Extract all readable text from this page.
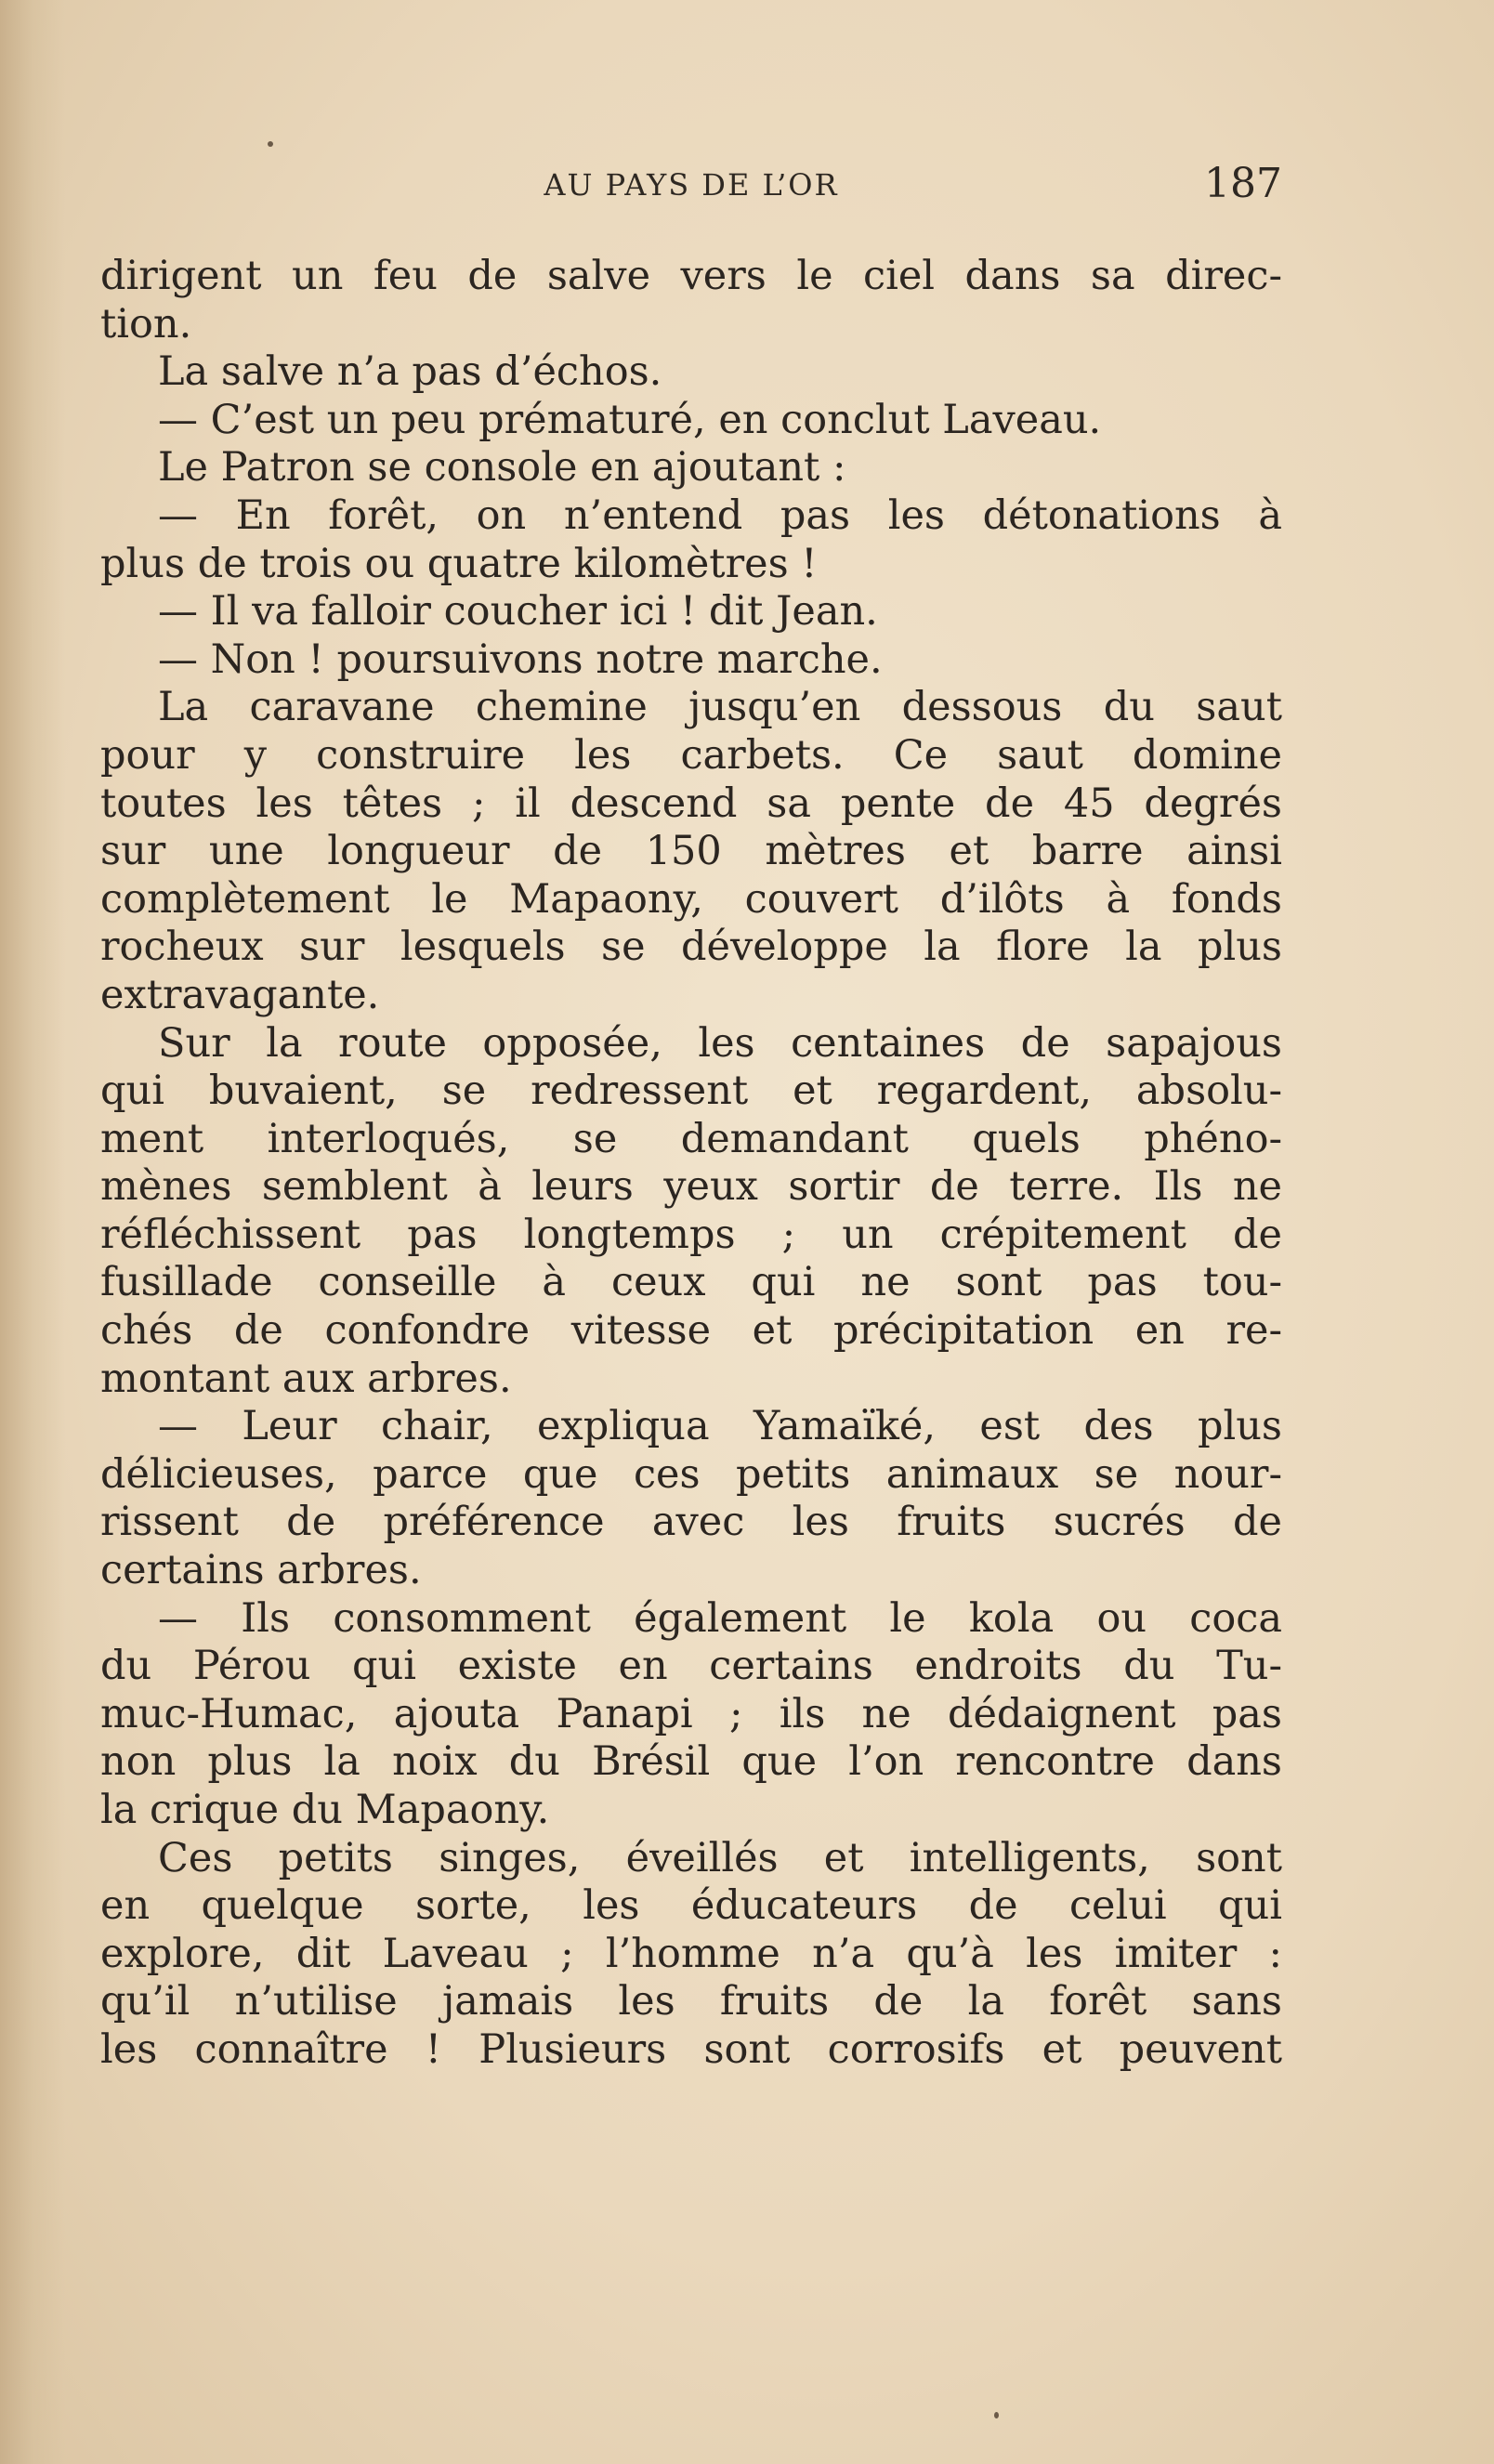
AU PAYS DE L’OR	187
dirigent un feu de salve vers le ciel dans sa direc-
tion.
La salve n’a pas d’échos.
— C’est un peu prématuré, en conclut Laveau.
Le Patron se console en ajoutant :
— En forêt, on n’entend pas les détonations à
plus de trois ou quatre kilomètres !
— Il va falloir coucher ici ! dit Jean.
— Non ! poursuivons notre marche.
La caravane chemine jusqu’en dessous du saut
pour y construire les carbets. Ce saut domine
toutes les têtes ; il descend sa pente de 45 degrés
sur une longueur de 150 mètres et barre ainsi
complètement le Mapaony, couvert d’ilôts à fonds
rocheux sur lesquels se développe la flore la plus
extravagante.
Sur la route opposée, les centaines de sapajous
qui buvaient, se redressent et regardent, absolu-
ment interloqués, se demandant quels phéno-
mènes semblent à leurs yeux sortir de terre. Ils ne
réfléchissent pas longtemps ; un crépitement de
fusillade conseille à ceux qui ne sont pas tou-
chés de confondre vitesse et précipitation en re-
montant aux arbres.
— Leur chair, expliqua Yamaïké, est des plus
délicieuses, parce que ces petits animaux se nour-
rissent de préférence avec les fruits sucrés de
certains arbres.
— Ils consomment également le kola ou coca
du Pérou qui existe en certains endroits du Tu-
muc-Humac, ajouta Panapi ; ils ne dédaignent pas
non plus la noix du Brésil que l’on rencontre dans
la crique du Mapaony.
Ces petits singes, éveillés et intelligents, sont
en quelque sorte, les éducateurs de celui qui
explore, dit Laveau ; l’homme n’a qu’à les imiter :
qu’il n’utilise jamais les fruits de la forêt sans
les connaître ! Plusieurs sont corrosifs et peuvent
